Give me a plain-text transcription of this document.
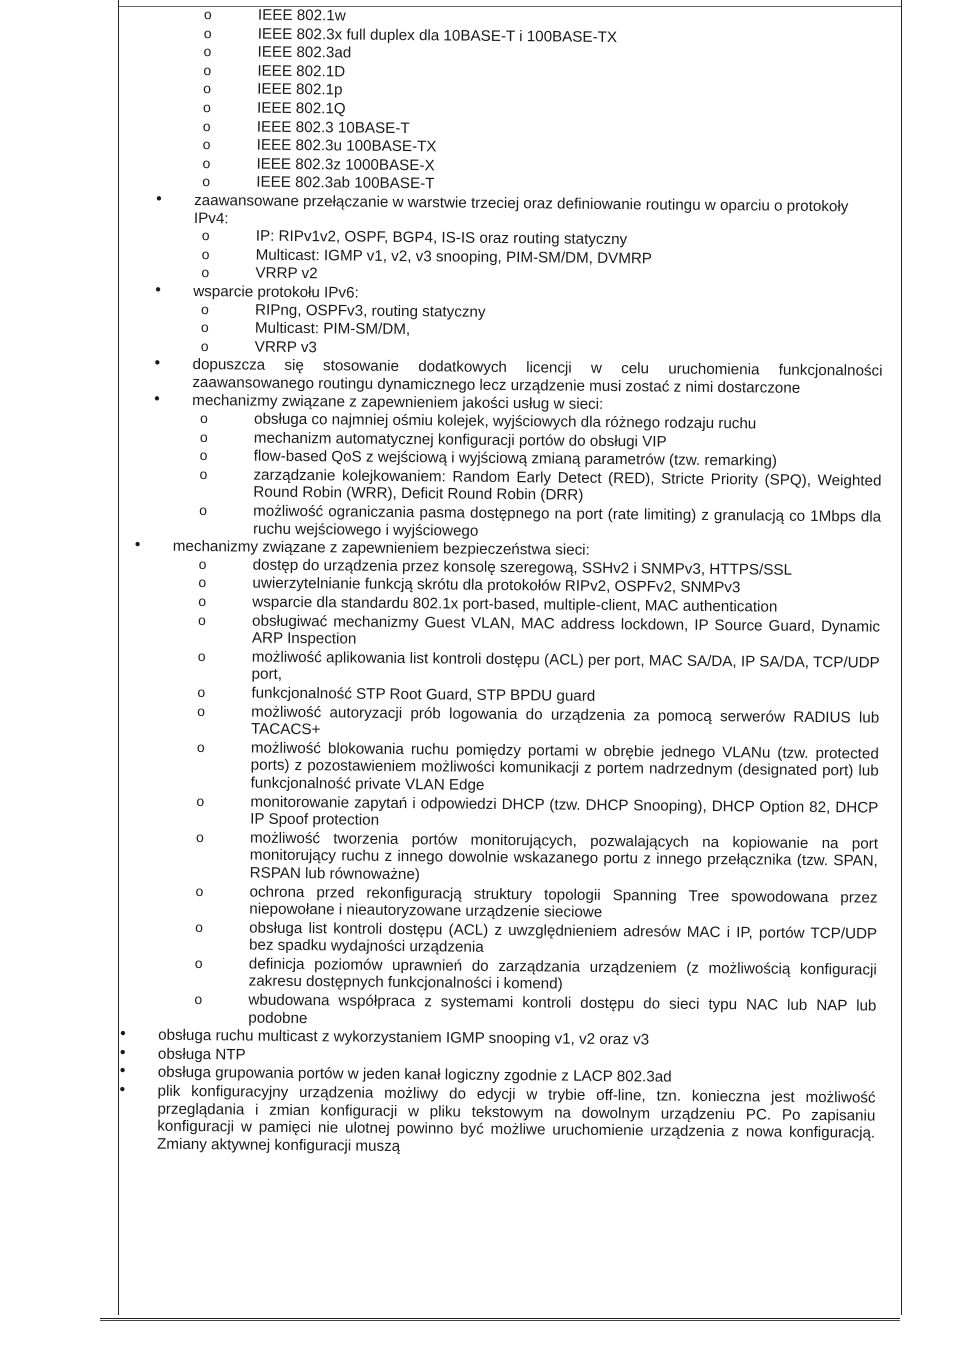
o IEEE 802.1w
o IEEE 802.3x full duplex dla 10BASE-T i 100BASE-TX
o IEEE 802.3ad
o IEEE 802.1D
o IEEE 802.1p
o IEEE 802.1Q
o IEEE 802.3 10BASE-T
o IEEE 802.3u 100BASE-TX
o IEEE 802.3z 1000BASE-X
o IEEE 802.3ab 100BASE-T
• zaawansowane przełączanie w warstwie trzeciej oraz definiowanie routingu w oparciu o protokoły IPv4:
o IP: RIPv1v2, OSPF, BGP4, IS-IS oraz routing statyczny
o Multicast: IGMP v1, v2, v3 snooping, PIM-SM/DM, DVMRP
o VRRP v2
• wsparcie protokołu IPv6:
o RIPng, OSPFv3, routing statyczny
o Multicast: PIM-SM/DM,
o VRRP v3
• dopuszcza się stosowanie dodatkowych licencji w celu uruchomienia funkcjonalności zaawansowanego routingu dynamicznego lecz urządzenie musi zostać z nimi dostarczone
• mechanizmy związane z zapewnieniem jakości usług w sieci:
o obsługa co najmniej ośmiu kolejek, wyjściowych dla różnego rodzaju ruchu
o mechanizm automatycznej konfiguracji portów do obsługi VIP
o flow-based QoS z wejściową i wyjściową zmianą parametrów (tzw. remarking)
o zarządzanie kolejkowaniem: Random Early Detect (RED), Stricte Priority (SPQ), Weighted Round Robin (WRR), Deficit Round Robin (DRR)
o możliwość ograniczania pasma dostępnego na port (rate limiting) z granulacją co 1Mbps dla ruchu wejściowego i wyjściowego
• mechanizmy związane z zapewnieniem bezpieczeństwa sieci:
o dostęp do urządzenia przez konsolę szeregową, SSHv2 i SNMPv3, HTTPS/SSL
o uwierzytelnianie funkcją skrótu dla protokołów RIPv2, OSPFv2, SNMPv3
o wsparcie dla standardu 802.1x port-based, multiple-client, MAC authentication
o obsługiwać mechanizmy Guest VLAN, MAC address lockdown, IP Source Guard, Dynamic ARP Inspection
o możliwość aplikowania list kontroli dostępu (ACL) per port, MAC SA/DA, IP SA/DA, TCP/UDP port,
o funkcjonalność STP Root Guard, STP BPDU guard
o możliwość autoryzacji prób logowania do urządzenia za pomocą serwerów RADIUS lub TACACS+
o możliwość blokowania ruchu pomiędzy portami w obrębie jednego VLANu (tzw. protected ports) z pozostawieniem możliwości komunikacji z portem nadrzednym (designated port) lub funkcjonalność private VLAN Edge
o monitorowanie zapytań i odpowiedzi DHCP (tzw. DHCP Snooping), DHCP Option 82, DHCP IP Spoof protection
o możliwość tworzenia portów monitorujących, pozwalających na kopiowanie na port monitorujący ruchu z innego dowolnie wskazanego portu z innego przełącznika (tzw. SPAN, RSPAN lub równoważne)
o ochrona przed rekonfiguracją struktury topologii Spanning Tree spowodowana przez niepowołane i nieautoryzowane urządzenie sieciowe
o obsługa list kontroli dostępu (ACL) z uwzględnieniem adresów MAC i IP, portów TCP/UDP bez spadku wydajności urządzenia
o definicja poziomów uprawnień do zarządzania urządzeniem (z możliwością konfiguracji zakresu dostępnych funkcjonalności i komend)
o wbudowana współpraca z systemami kontroli dostępu do sieci typu NAC lub NAP lub podobne
• obsługa ruchu multicast z wykorzystaniem IGMP snooping v1, v2 oraz v3
• obsługa NTP
• obsługa grupowania portów w jeden kanał logiczny zgodnie z LACP 802.3ad
• plik konfiguracyjny urządzenia możliwy do edycji w trybie off-line, tzn. konieczna jest możliwość przeglądania i zmian konfiguracji w pliku tekstowym na dowolnym urządzeniu PC. Po zapisaniu konfiguracji w pamięci nie ulotnej powinno być możliwe uruchomienie urządzenia z nowa konfiguracją. Zmiany aktywnej konfiguracji muszą
